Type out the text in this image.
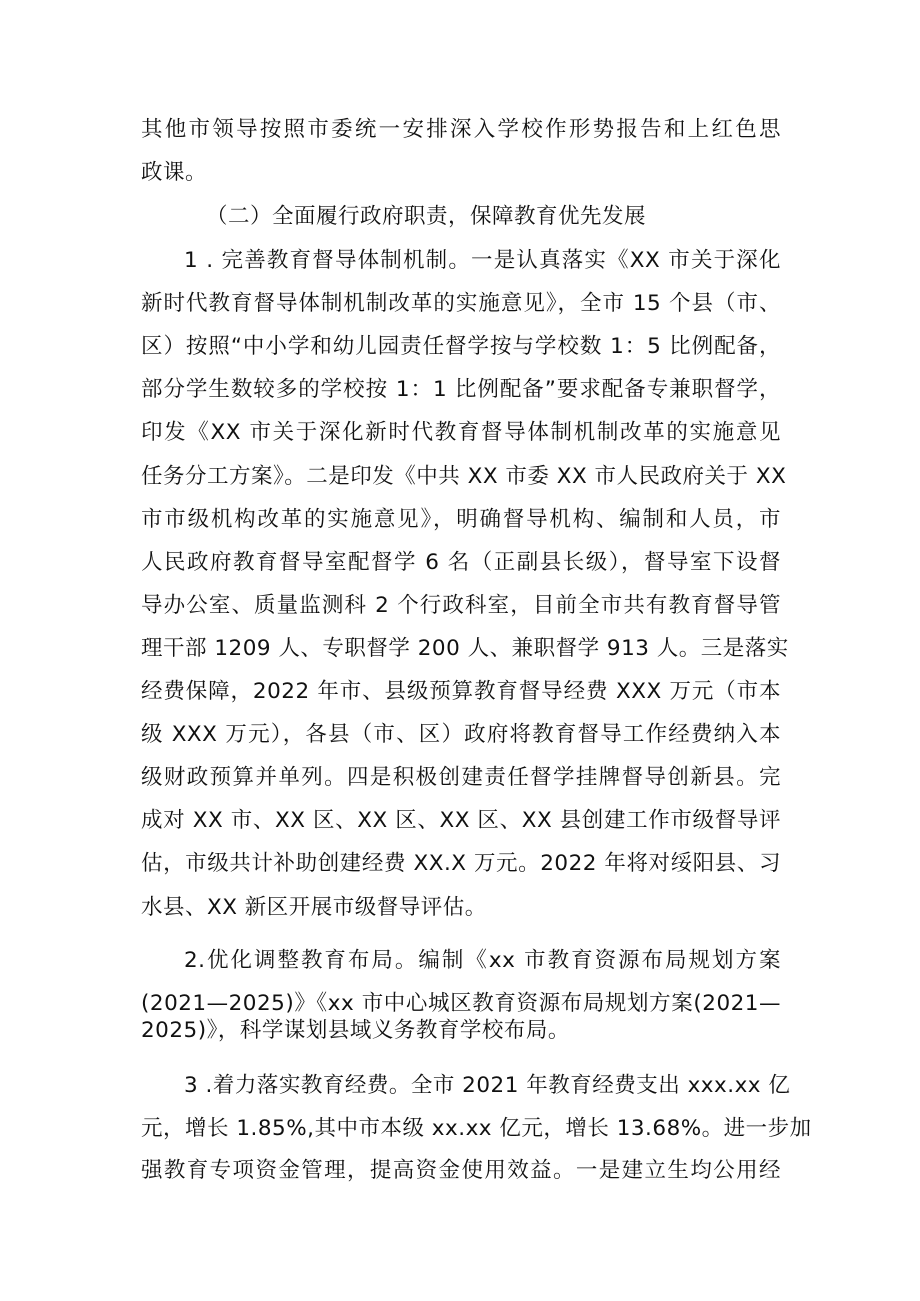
其他市领导按照市委统一安排深入学校作形势报告和上红色思
政课。
（二）全面履行政府职责，保障教育优先发展
1 . 完善教育督导体制机制。一是认真落实《XX 市关于深化
新时代教育督导体制机制改革的实施意见》，全市 15 个县（市、
区）按照“中小学和幼儿园责任督学按与学校数 1：5 比例配备，
部分学生数较多的学校按 1：1 比例配备”要求配备专兼职督学，
印发《XX 市关于深化新时代教育督导体制机制改革的实施意见
任务分工方案》。二是印发《中共 XX 市委 XX 市人民政府关于 XX
市市级机构改革的实施意见》，明确督导机构、编制和人员，市
人民政府教育督导室配督学 6 名（正副县长级），督导室下设督
导办公室、质量监测科 2 个行政科室，目前全市共有教育督导管
理干部 1209 人、专职督学 200 人、兼职督学 913 人。三是落实
经费保障，2022 年市、县级预算教育督导经费 XXX 万元（市本
级 XXX 万元），各县（市、区）政府将教育督导工作经费纳入本
级财政预算并单列。四是积极创建责任督学挂牌督导创新县。完
成对 XX 市、XX 区、XX 区、XX 区、XX 县创建工作市级督导评
估，市级共计补助创建经费 XX.X 万元。2022 年将对绥阳县、习
水县、XX 新区开展市级督导评估。
2.优化调整教育布局。编制《xx 市教育资源布局规划方案
(2021—2025)》《xx 市中心城区教育资源布局规划方案(2021—
2025)》，科学谋划县域义务教育学校布局。
3 .着力落实教育经费。全市 2021 年教育经费支出 xxx.xx 亿
元，增长 1.85%,其中市本级 xx.xx 亿元，增长 13.68%。进一步加
强教育专项资金管理，提高资金使用效益。一是建立生均公用经
